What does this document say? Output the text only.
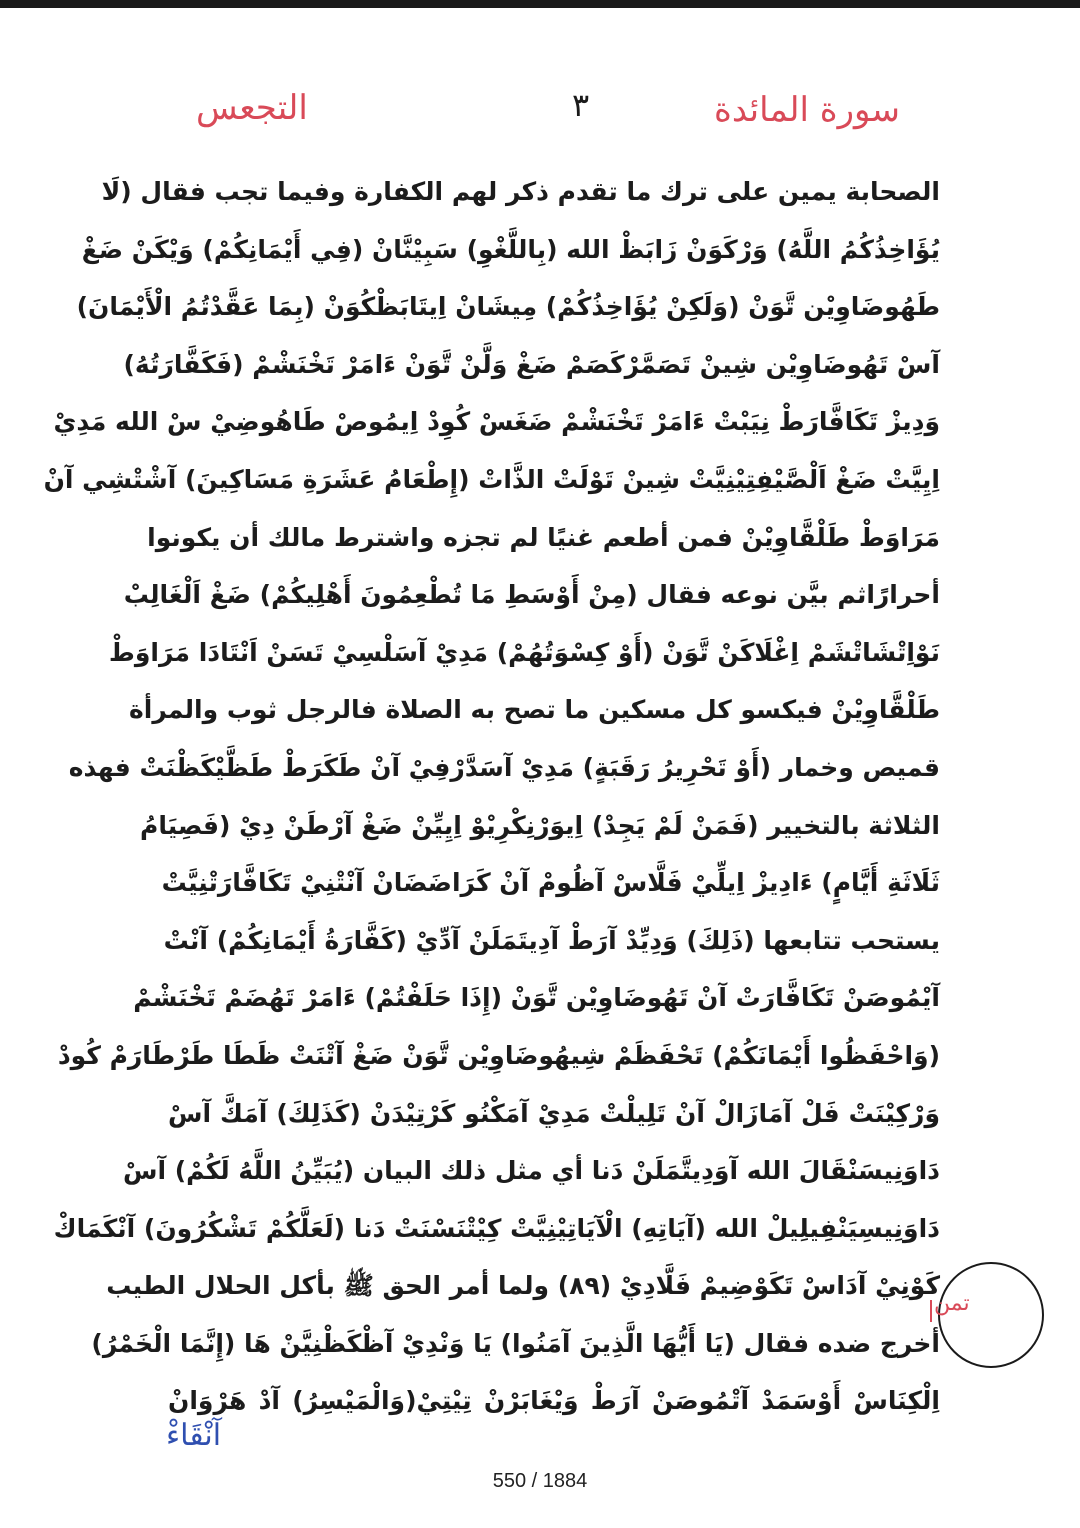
التجعس	٣	سورة المائدة
الصحابة يمين على ترك ما تقدم ذكر لهم الكفارة وفيما تجب فقال (لَا
يُؤَاخِذُكُمُ اللَّهُ) وَرْكَوَنْ زَابَظْ الله (بِاللَّغْوِ) سَبِيْنَّانْ (فِي أَيْمَانِكُمْ) وَيْكَنْ ضَغْ
طَهُوضَاوِيْن تَّوَنْ (وَلَكِنْ يُؤَاخِذُكُمْ) مِيشَانْ اِيتَابَظْكُوَنْ (بِمَا عَقَّدْتُمُ الْأَيْمَانَ)
آسْ تَهُوضَاوِيْن شِينْ تَصَمَّرْكَصَمْ ضَغْ وَلَّنْ تَّوَنْ ءَامَرْ تَخْنَشْمْ (فَكَفَّارَتُهُ)
وَدِيزْ تَكَافَّارَطْ نِيَبْتْ ءَامَرْ تَخْنَشْمْ ضَغَسْ كُوِدْ اِيمُوصْ طَاهُوضِيْ سْ الله مَدِيْ
اِيِيَّتْ ضَغْ اَلْصَّيْفِتِيْنِيَّتْ شِينْ تَوْلَتْ الذَّاتْ (إِطْعَامُ عَشَرَةِ مَسَاكِينَ) آشْتْشِي آنْ
مَرَاوَطْ طَلْقَّاوِيْنْ فمن أطعم غنيًا لم تجزه واشترط مالك أن يكونوا
أحرارًاثم بيَّن نوعه فقال (مِنْ أَوْسَطِ مَا تُطْعِمُونَ أَهْلِيكُمْ) ضَغْ اَلْغَالِبْ
نَوْاِتْشَاتْشَمْ اِغْلَاكَنْ تَّوَنْ (أَوْ كِسْوَتُهُمْ) مَدِيْ آسَلْسِيْ تَسَنْ اَنْتَادَا مَرَاوَطْ
طَلْقَّاوِيْنْ فيكسو كل مسكين ما تصح به الصلاة فالرجل ثوب والمرأة
قميص وخمار (أَوْ تَحْرِيرُ رَقَبَةٍ) مَدِيْ آسَدَّرْفِيْ آنْ طَكَرَطْ طَظَّيْكَظْنَتْ فهذه
الثلاثة بالتخيير (فَمَنْ لَمْ يَجِدْ) اِيوَرْنِكْرِيْوْ اِيِيِّنْ ضَغْ آرْطَنْ دِيْ (فَصِيَامُ
ثَلَاثَةِ أَيَّامٍ) ءَادِيزْ اِيلِّيْ فَلَّاسْ آظُومْ آنْ كَرَاضَضَانْ آنْتْنِيْ تَكَافَّارَتْنِيَّتْ
يستحب تتابعها (ذَلِكَ) وَدِيِّدْ آرَطْ آدِيتَمَلَنْ آدِّيْ (كَفَّارَةُ أَيْمَانِكُمْ) آنْتْ
آيْمُوصَنْ تَكَافَّارَتْ آنْ تَهُوضَاوِيْن تَّوَنْ (إِذَا حَلَفْتُمْ) ءَامَرْ تَهُضَمْ تَخْنَشْمْ
(وَاحْفَظُوا أَيْمَانَكُمْ) تَحْفَظَمْ شِيهُوضَاوِيْن تَّوَنْ ضَغْ آتْنَتْ ظَطَا طَرْطَارَمْ كُودْ
وَرْكِيْنَتْ فَلْ آمَازَالْ آنْ تَلِيلْتْ مَدِيْ آمَكْنُو كَرْتِيْدَنْ (كَذَلِكَ) آمَكَّ آسْ
دَاوَنِيسَنْقَالَ الله آوَدِيتَّمَلَنْ دَنا أي مثل ذلك البيان (يُبَيِّنُ اللَّهُ لَكُمْ) آسْ
دَاوَنِيسِيَنْفِيلِيلْ الله (آيَاتِهِ) الْآيَاتِيْنِيَّتْ كِيْتْنَسْنَتْ دَنا (لَعَلَّكُمْ تَشْكُرُونَ) آنْكَمَاكْ
كَوْنِيْ آدَاسْ تَكَوْضِيمْ فَلَّادِيْ (٨٩) ولما أمر الحق ﷺ بأكل الحلال الطيب
أخرج ضده فقال (يَا أَيُّهَا الَّذِينَ آمَنُوا) يَا وَنْدِيْ آظْكَظْنِيَّنْ هَا (إِنَّمَا الْخَمْرُ)
اِلْكِنَاسْ أَوْسَمَدْ آتْمُوصَنْ آرَطْ وَيْغَابَرْنْ تِيْتِيْ(وَالْمَيْسِرُ) آدْ هَرْوَانْ
تمن
آنْقَاءْ
550 / 1884
